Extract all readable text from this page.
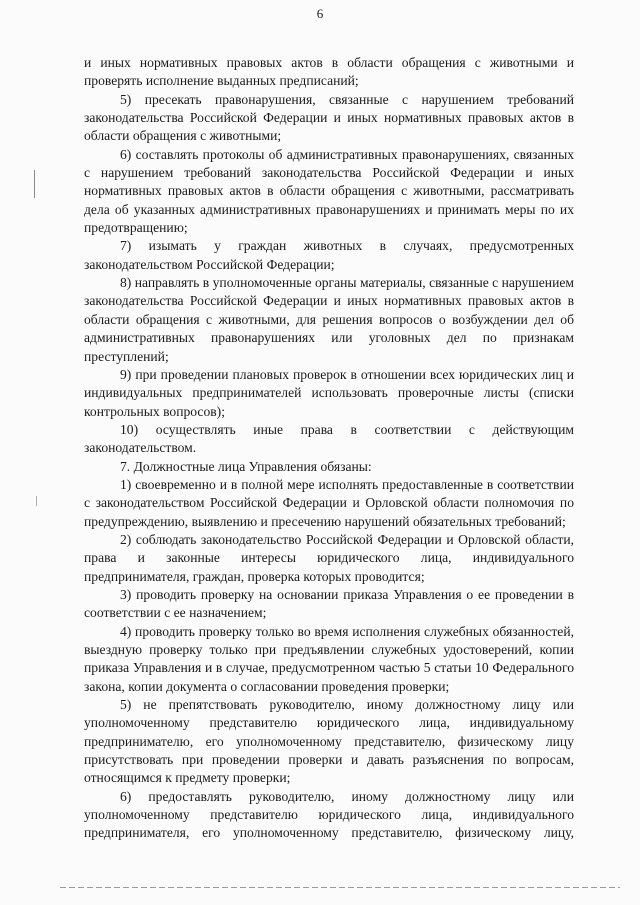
6

и иных нормативных правовых актов в области обращения с животными и проверять исполнение выданных предписаний;

5) пресекать правонарушения, связанные с нарушением требований законодательства Российской Федерации и иных нормативных правовых актов в области обращения с животными;

6) составлять протоколы об административных правонарушениях, связанных с нарушением требований законодательства Российской Федерации и иных нормативных правовых актов в области обращения с животными, рассматривать дела об указанных административных правонарушениях и принимать меры по их предотвращению;

7) изымать у граждан животных в случаях, предусмотренных законодательством Российской Федерации;

8) направлять в уполномоченные органы материалы, связанные с нарушением законодательства Российской Федерации и иных нормативных правовых актов в области обращения с животными, для решения вопросов о возбуждении дел об административных правонарушениях или уголовных дел по признакам преступлений;

9) при проведении плановых проверок в отношении всех юридических лиц и индивидуальных предпринимателей использовать проверочные листы (списки контрольных вопросов);

10) осуществлять иные права в соответствии с действующим законодательством.

7. Должностные лица Управления обязаны:

1) своевременно и в полной мере исполнять предоставленные в соответствии с законодательством Российской Федерации и Орловской области полномочия по предупреждению, выявлению и пресечению нарушений обязательных требований;

2) соблюдать законодательство Российской Федерации и Орловской области, права и законные интересы юридического лица, индивидуального предпринимателя, граждан, проверка которых проводится;

3) проводить проверку на основании приказа Управления о ее проведении в соответствии с ее назначением;

4) проводить проверку только во время исполнения служебных обязанностей, выездную проверку только при предъявлении служебных удостоверений, копии приказа Управления и в случае, предусмотренном частью 5 статьи 10 Федерального закона, копии документа о согласовании проведения проверки;

5) не препятствовать руководителю, иному должностному лицу или уполномоченному представителю юридического лица, индивидуальному предпринимателю, его уполномоченному представителю, физическому лицу присутствовать при проведении проверки и давать разъяснения по вопросам, относящимся к предмету проверки;

6) предоставлять руководителю, иному должностному лицу или уполномоченному представителю юридического лица, индивидуального предпринимателя, его уполномоченному представителю, физическому лицу,
